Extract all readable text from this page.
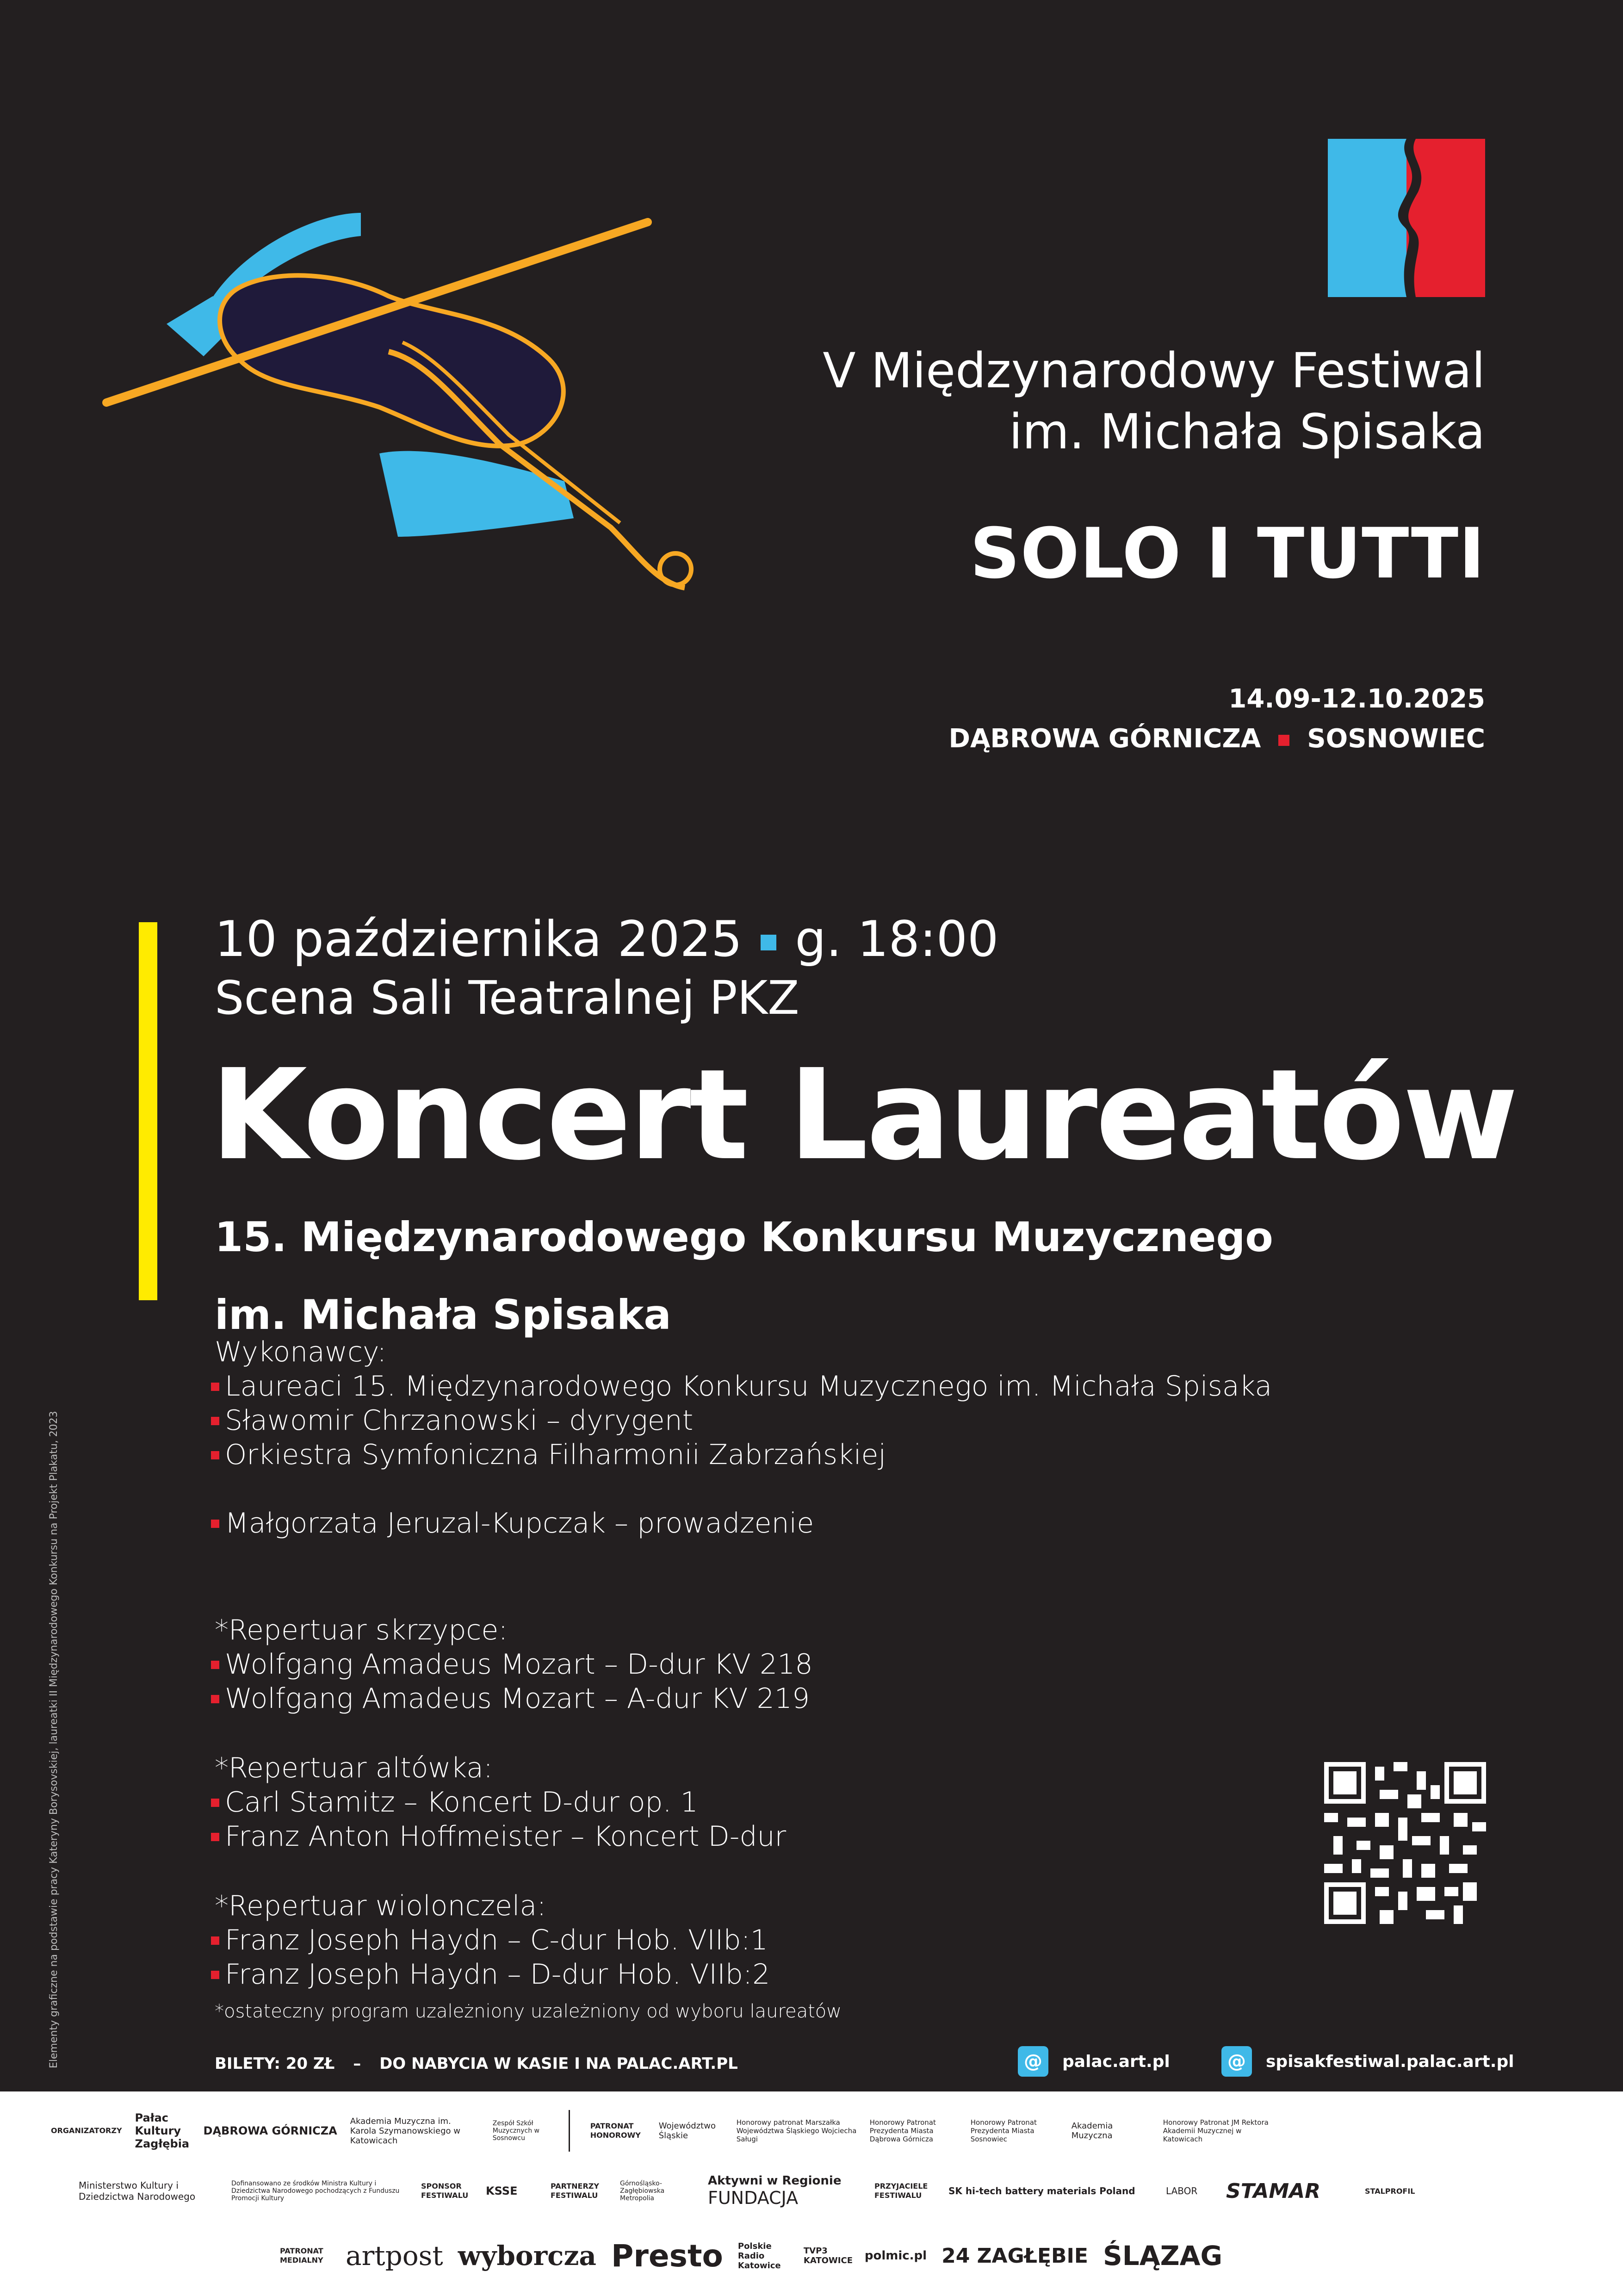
V Międzynarodowy Festiwal
im. Michała Spisaka
SOLO I TUTTI
14.09-12.10.2025
DĄBROWA GÓRNICZA SOSNOWIEC
10 października 2025 g. 18:00
Scena Sali Teatralnej PKZ
Koncert Laureatów
15. Międzynarodowego Konkursu Muzycznego
im. Michała Spisaka
Wykonawcy:
Laureaci 15. Międzynarodowego Konkursu Muzycznego im. Michała Spisaka
Sławomir Chrzanowski – dyrygent
Orkiestra Symfoniczna Filharmonii Zabrzańskiej
Małgorzata Jeruzal-Kupczak – prowadzenie
*Repertuar skrzypce:
Wolfgang Amadeus Mozart – D-dur KV 218
Wolfgang Amadeus Mozart – A-dur KV 219
*Repertuar altówka:
Carl Stamitz – Koncert D-dur op. 1
Franz Anton Hoffmeister – Koncert D-dur
*Repertuar wiolonczela:
Franz Joseph Haydn – C-dur Hob. VIIb:1
Franz Joseph Haydn – D-dur Hob. VIIb:2
*ostateczny program uzależniony uzależniony od wyboru laureatów
BILETY: 20 ZŁ – DO NABYCIA W KASIE I NA PALAC.ART.PL	@	palac.art.pl	@	spisakfestiwal.palac.art.pl
Elementy graficzne na podstawie pracy Kateryny Borysovskiej, laureatki II Międzynarodowego Konkursu na Projekt Plakatu, 2023
ORGANIZATORZY
Pałac Kultury Zagłębia
DĄBROWA GÓRNICZA
Akademia Muzyczna im. Karola Szymanowskiego w Katowicach
Zespół Szkół Muzycznych w Sosnowcu
PATRONAT HONOROWY
Województwo Śląskie
Honorowy patronat Marszałka Województwa Śląskiego Wojciecha Saługi
Honorowy Patronat Prezydenta Miasta Dąbrowa Górnicza
Honorowy Patronat Prezydenta Miasta Sosnowiec
Akademia Muzyczna
Honorowy Patronat JM Rektora Akademii Muzycznej w Katowicach
Ministerstwo Kultury i Dziedzictwa Narodowego
Dofinansowano ze środków Ministra Kultury i Dziedzictwa Narodowego pochodzących z Funduszu Promocji Kultury
SPONSOR FESTIWALU	KSSE	PARTNERZY FESTIWALU
Górnośląsko-Zagłębiowska Metropolia
Aktywni w Regionie
FUNDACJA
PRZYJACIELE FESTIWALU	SK hi-tech battery materials Poland	LABOR	STAMAR	STALPROFIL
PATRONAT MEDIALNY artpost wyborcza Presto Polskie Radio Katowice
TVP3 KATOWICE polmic.pl 24 ZAGŁĘBIE ŚLĄZAG
